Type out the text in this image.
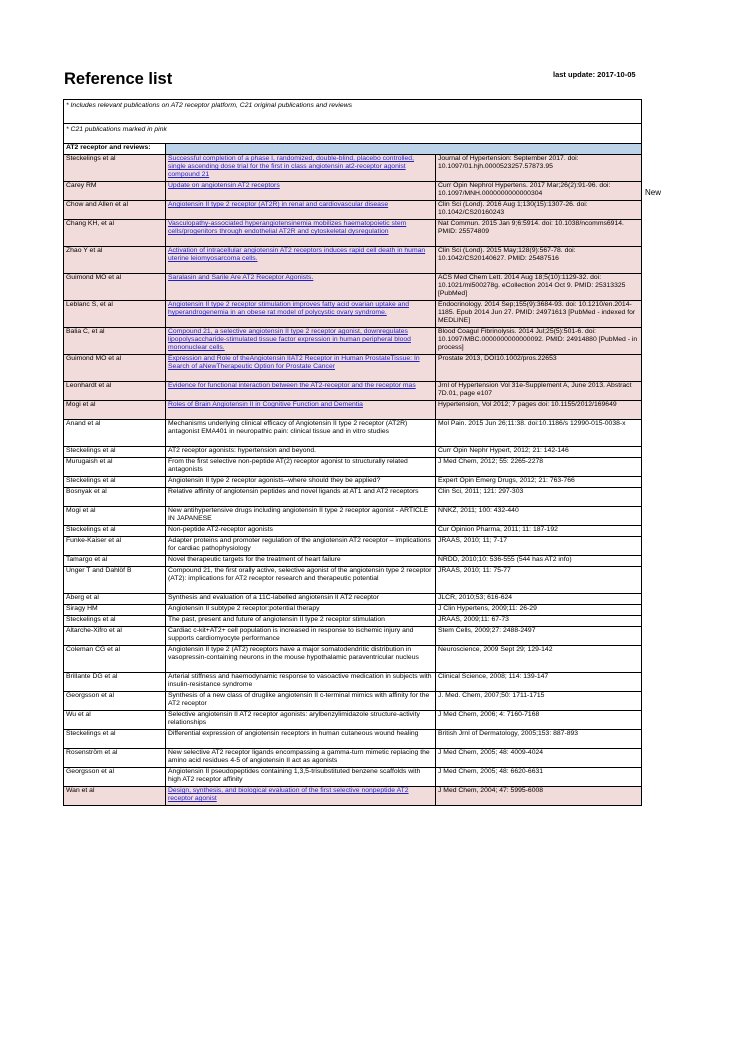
Reference list	last update: 2017-10-05
New
* Includes relevant publications on AT2 receptor platform, C21 original publications and reviews		
* C21 publications marked in pink		
AT2 receptor and reviews:		
Steckelings et al	Successful completion of a phase I, randomized, double-blind, placebo controlled, single ascending dose trial for the first in class angiotensin at2-receptor agonist compound 21	Journal of Hypertension: September 2017. doi: 10.1097/01.hjh.0000523257.57873.95
Carey RM	Update on angiotensin AT2 receptors	Curr Opin Nephrol Hypertens. 2017 Mar;26(2):91-96. doi: 10.1097/MNH.0000000000000304
Chow and Allen et al	Angiotensin II type 2 receptor (AT2R) in renal and cardiovascular disease	Clin Sci (Lond). 2016 Aug 1;130(15):1307-26. doi: 10.1042/CS20160243
Chang KH, et al	Vasculopathy-associated hyperangiotensinemia mobilizes haematopoietic stem cells/progenitors through endothelial AT2R and cytoskeletal dysregulation	Nat Commun. 2015 Jan 9;6:5914. doi: 10.1038/ncomms6914. PMID: 25574809
Zhao Y et al	Activation of intracellular angiotensin AT2 receptors induces rapid cell death in human uterine leiomyosarcoma cells.	Clin Sci (Lond). 2015 May;128(9):567-78. doi: 10.1042/CS20140627. PMID: 25487516
Guimond MO et al	Saralasin and Sarile Are AT2 Receptor Agonists.	ACS Med Chem Lett. 2014 Aug 18;5(10):1129-32. doi: 10.1021/ml500278g. eCollection 2014 Oct 9. PMID: 25313325 [PubMed]
Leblanc S, et al	Angiotensin II type 2 receptor stimulation improves fatty acid ovarian uptake and hyperandrogenemia in an obese rat model of polycystic ovary syndrome.	Endocrinology. 2014 Sep;155(9):3684-93. doi: 10.1210/en.2014-1185. Epub 2014 Jun 27. PMID: 24971613 [PubMed - indexed for MEDLINE]
Balia C, et al	Compound 21, a selective angiotensin II type 2 receptor agonist, downregulates lipopolysaccharide-stimulated tissue factor expression in human peripheral blood mononuclear cells.	Blood Coagul Fibrinolysis. 2014 Jul;25(5):501-6. doi: 10.1097/MBC.0000000000000092. PMID: 24914880 [PubMed - in process]
Guimond MO et al	Expression and Role of theAngiotensin IIAT2 Receptor in Human ProstateTissue: In Search of aNewTherapeutic Option for Prostate Cancer	Prostate 2013, DOI10.1002/pros.22653
Leonhardt et al	Evidence for functional interaction between the AT2-receptor and the receptor mas	Jrnl of Hypertension Vol 31e-Supplement A, June 2013. Abstract 7D.01, page e107
Mogi et al	Roles of Brain Angiotensin II in Cognitive Function and Dementia	Hypertension, Vol 2012; 7 pages doi: 10.1155/2012/169649
Anand et al	Mechanisms underlying clinical efficacy of Angiotensin II type 2 receptor (AT2R) antagonist EMA401 in neuropathic pain: clinical tissue and in vitro studies	Mol Pain. 2015 Jun 26;11:38. doi:10.1186/s 12990-015-0038-x
Steckelings et al	AT2 receptor agonists: hypertension and beyond.	Curr Opin Nephr Hypert, 2012; 21: 142-146
Murugaish et al	From the first selective non-peptide AT(2) receptor agonist to structurally related antagonists	J Med Chem, 2012; 55: 2265-2278
Steckelings et al	Angiotensin II type 2 receptor agonists--where should they be applied?	Expert Opin Emerg Drugs, 2012; 21: 763-766
Bosnyak et al	Relative affinity of angiotensin peptides and novel ligands at AT1 and AT2 receptors	Clin Sci, 2011; 121: 297-303
Mogi et al	New antihypertensive drugs including angiotensin II type 2 receptor agonist - ARTICLE IN JAPANESE	NNKZ, 2011; 100: 432-440
Steckelings et al	Non-peptide AT2-receptor agonists	Cur Opinion Pharma, 2011; 11: 187-192
Funke-Kaiser et al	Adapter proteins and promoter regulation of the angiotensin AT2 receptor – implications for cardiac pathophysiology	JRAAS, 2010; 11; 7-17
Tamargo et al	Novel therapeutic targets for the treatment of heart failure	NRDD, 2010;10: 536-555 (544 has AT2 info)
Unger T and Dahlöf B	Compound 21, the first orally active, selective agonist of the angiotensin type 2 receptor (AT2): implications for AT2 receptor research and therapeutic potential	JRAAS, 2010; 11: 75-77
Åberg et al	Synthesis and evaluation of a 11C-labelled angiotensin II AT2 receptor	JLCR, 2010;53; 616-624
Siragy HM	Angiotensin II subtype 2 receptor:potential therapy	J Clin Hypertens, 2009;11: 26-29
Steckelings et al	The past, present and future of angiotensin II type 2 receptor stimulation	JRAAS, 2009;11: 67-73
Altarche-Xifro et al	Cardiac c-kit+AT2+ cell population is increased in response to ischemic injury and supports cardiomyocyte performance	Stem Cells, 2009;27: 2488-2497
Coleman CG et al	Angiotensin II type 2 (AT2) receptors have a major somatodendritic distribution in vasopressin-containing neurons in the mouse hypothalamic paraventricular nucleus	Neuroscience, 2009 Sept 29; 129-142
Brillante DG et al	Arterial stiffness and haemodynamic response to vasoactive medication in subjects with insulin-resistance syndrome	Clinical Science, 2008; 114: 139-147
Georgsson et al	Synthesis of a new class of druglike angiotensin II c-terminal mimics with affinity for the AT2 receptor	J. Med. Chem, 2007;50: 1711-1715
Wu et al	Selective angiotensin II AT2 receptor agonists: arylbenzylimidazole structure-activity relationships	J Med Chem, 2006; 4: 7160-7168
Steckelings et al	Differential expression of angiotensin receptors in human cutaneous wound healing	British Jrnl of Dermatology, 2005;153: 887-893
Rosenström et al	New selective AT2 receptor ligands encompassing a gamma-turn mimetic replacing the amino acid residues 4-5 of angiotensin II act as agonists	J Med Chem, 2005; 48: 4009-4024
Georgsson et al	Angiotensin II pseudopeptides containing 1,3,5-trisubstituted benzene scaffolds with high AT2 receptor affinity	J Med Chem, 2005; 48: 6620-6631
Wan et al	Design, synthesis, and biological evaluation of the first selective nonpeptide AT2 receptor agonist	J Med Chem, 2004; 47: 5995-6008
